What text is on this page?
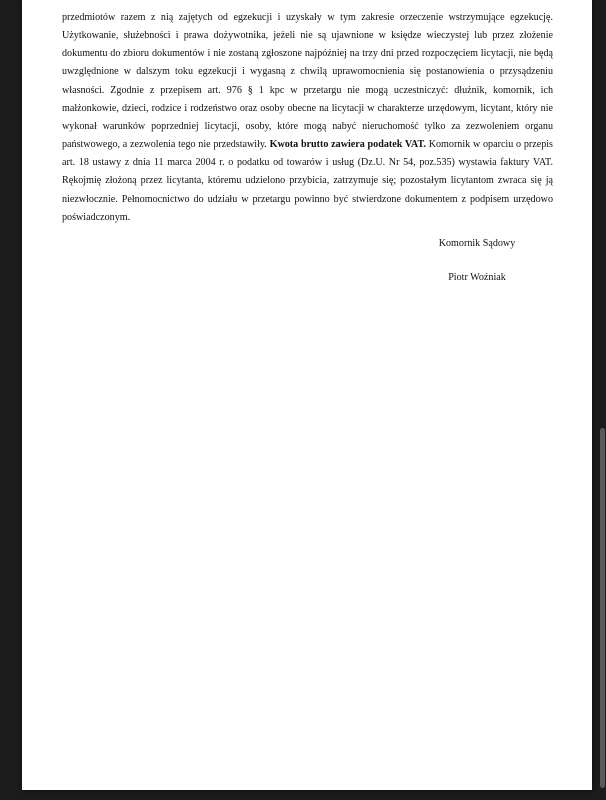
przedmiotów razem z nią zajętych od egzekucji i uzyskały w tym zakresie orzeczenie wstrzymujące egzekucję. Użytkowanie, służebności i prawa dożywotnika, jeżeli nie są ujawnione w księdze wieczystej lub przez złożenie dokumentu do zbioru dokumentów i nie zostaną zgłoszone najpóźniej na trzy dni przed rozpoczęciem licytacji, nie będą uwzględnione w dalszym toku egzekucji i wygasną z chwilą uprawomocnienia się postanowienia o przysądzeniu własności. Zgodnie z przepisem art. 976 § 1 kpc w przetargu nie mogą uczestniczyć: dłużnik, komornik, ich małżonkowie, dzieci, rodzice i rodzeństwo oraz osoby obecne na licytacji w charakterze urzędowym, licytant, który nie wykonał warunków poprzedniej licytacji, osoby, które mogą nabyć nieruchomość tylko za zezwoleniem organu państwowego, a zezwolenia tego nie przedstawiły. Kwota brutto zawiera podatek VAT. Komornik w oparciu o przepis art. 18 ustawy z dnia 11 marca 2004 r. o podatku od towarów i usług (Dz.U. Nr 54, poz.535) wystawia faktury VAT. Rękojmię złożoną przez licytanta, któremu udzielono przybicia, zatrzymuje się; pozostałym licytantom zwraca się ją niezwłocznie. Pełnomocnictwo do udziału w przetargu powinno być stwierdzone dokumentem z podpisem urzędowo poświadczonym.

Komornik Sądowy

Piotr Woźniak
